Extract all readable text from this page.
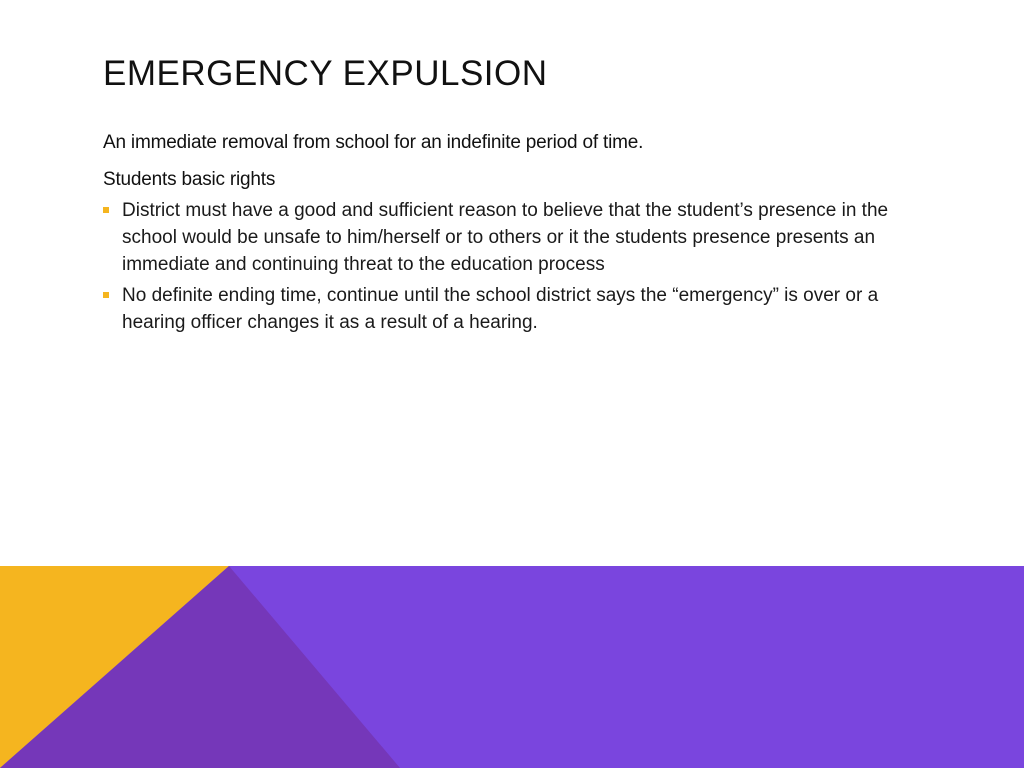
EMERGENCY EXPULSION

An immediate removal from school for an indefinite period of time.

Students basic rights

District must have a good and sufficient reason to believe that the student’s presence in the school would be unsafe to him/herself or to others or it the students presence presents an immediate and continuing threat to the education process
No definite ending time, continue until the school district says the “emergency” is over or a hearing officer changes it as a result of a hearing.
